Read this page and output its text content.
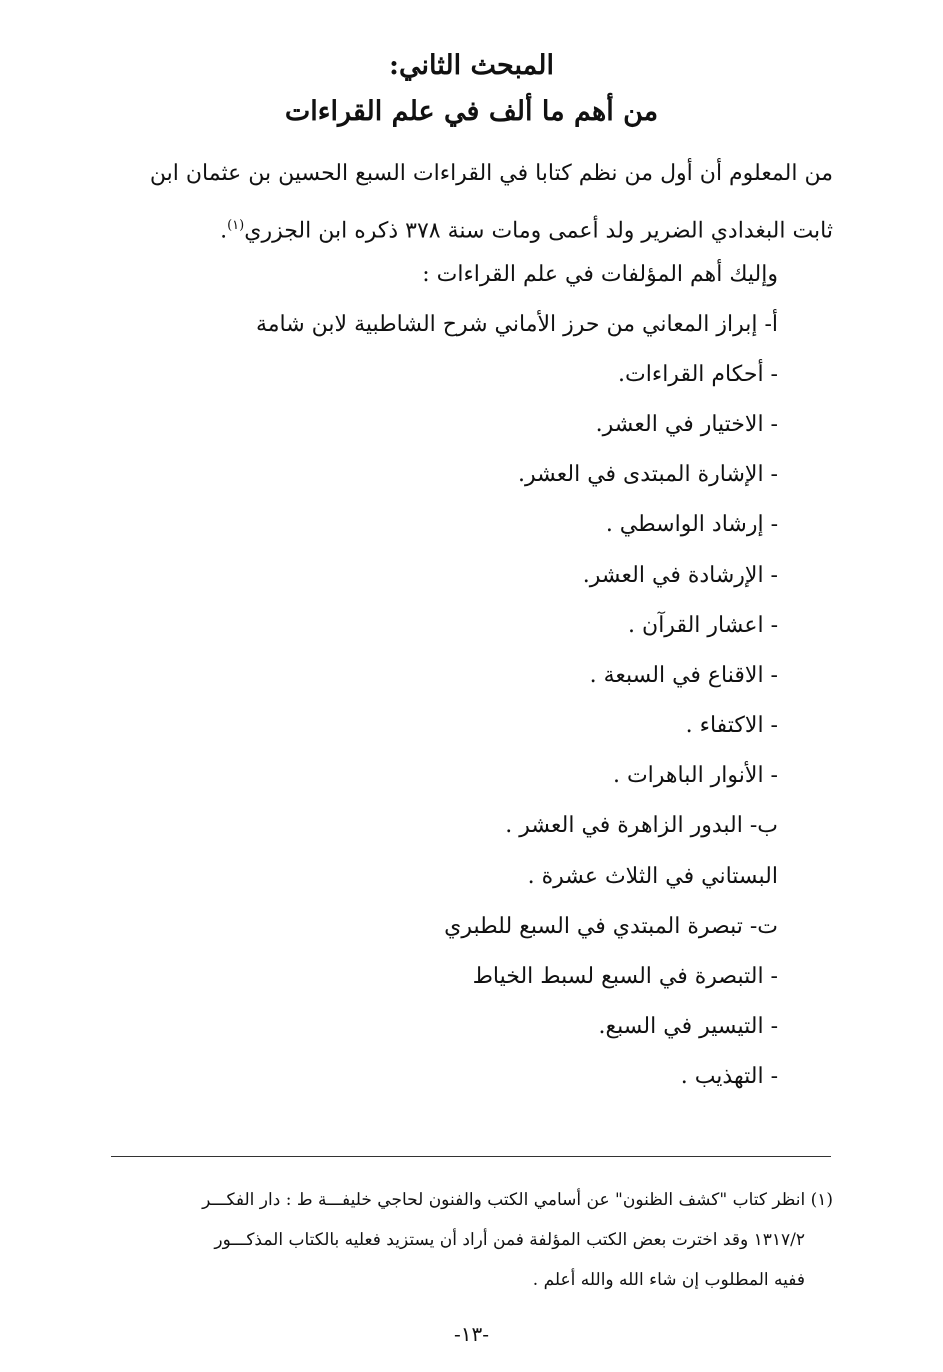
المبحث الثاني:
من أهم ما ألف في علم القراءات
من المعلوم أن أول من نظم كتابا في القراءات السبع الحسين بن عثمان ابن
ثابت البغدادي الضرير ولد أعمى ومات سنة ٣٧٨ ذكره ابن الجزري$^{(١)}$.
وإليك أهم المؤلفات في علم القراءات :
أ- إبراز المعاني من حرز الأماني شرح الشاطبية لابن شامة
- أحكام القراءات.
- الاختيار في العشر.
- الإشارة المبتدى في العشر.
- إرشاد الواسطي .
- الإرشادة في العشر.
- اعشار القرآن .
- الاقناع في السبعة .
- الاكتفاء .
- الأنوار الباهرات .
ب- البدور الزاهرة في العشر .
البستاني في الثلاث عشرة .
ت- تبصرة المبتدي في السبع للطبري
- التبصرة في السبع لسبط الخياط
- التيسير في السبع.
- التهذيب .
(١) انظر كتاب "كشف الظنون" عن أسامي الكتب والفنون لحاجي خليفـــة ط : دار الفكـــر
١٣١٧/٢ وقد اخترت بعض الكتب المؤلفة فمن أراد أن يستزيد فعليه بالكتاب المذكـــور
ففيه المطلوب إن شاء الله والله أعلم .
-١٣-
